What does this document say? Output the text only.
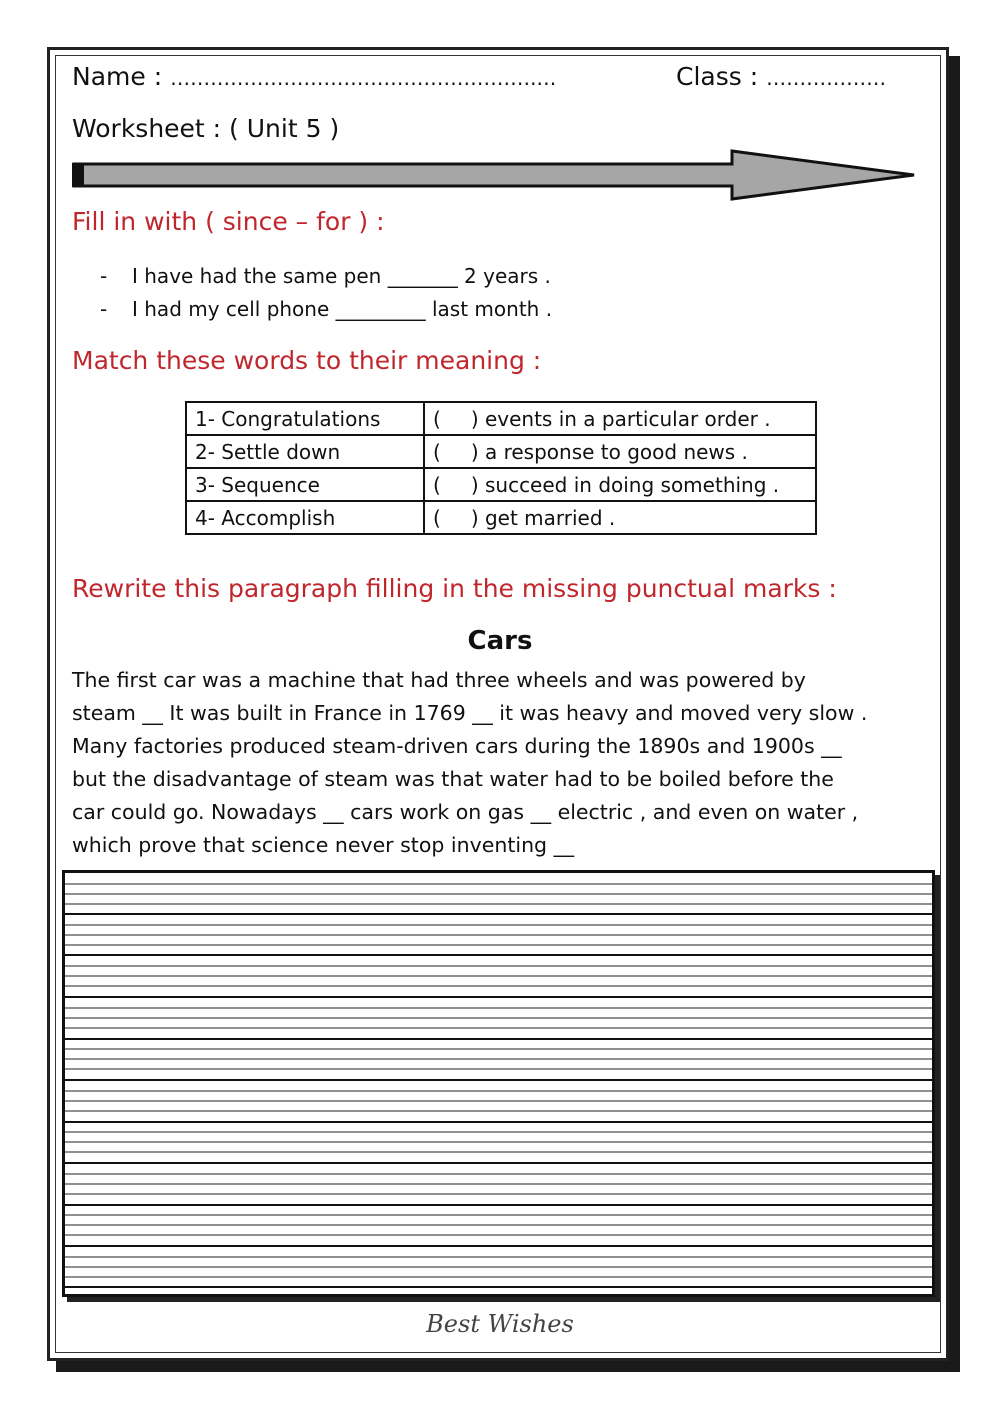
Name : ……………………………………………….…	Class : ………………
Worksheet : ( Unit 5 )
Fill in with ( since – for ) :
- I have had the same pen _______ 2 years .
- I had my cell phone _________ last month .
Match these words to their meaning :
1- Congratulations	( ) events in a particular order .
2- Settle down	( ) a response to good news .
3- Sequence	( ) succeed in doing something .
4- Accomplish	( ) get married .
Rewrite this paragraph filling in the missing punctual marks :
Cars
The first car was a machine that had three wheels and was powered by
steam __ It was built in France in 1769 __ it was heavy and moved very slow .
Many factories produced steam-driven cars during the 1890s and 1900s __
but the disadvantage of steam was that water had to be boiled before the
car could go. Nowadays __ cars work on gas __ electric , and even on water ,
which prove that science never stop inventing __
Best Wishes
